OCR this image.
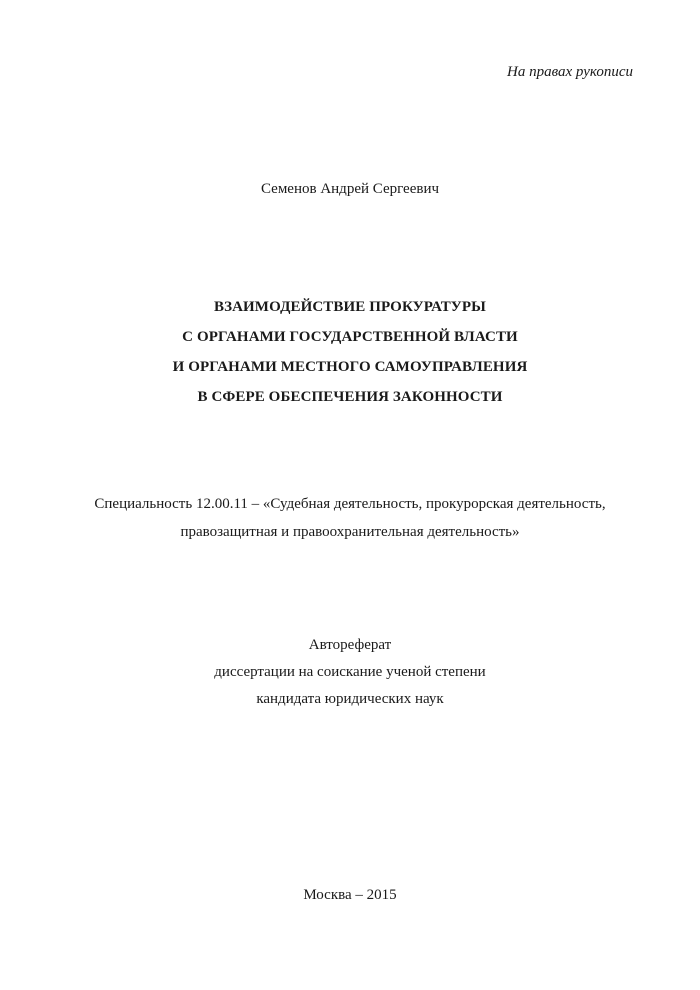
На правах рукописи

Семенов Андрей Сергеевич

ВЗАИМОДЕЙСТВИЕ ПРОКУРАТУРЫ
С ОРГАНАМИ ГОСУДАРСТВЕННОЙ ВЛАСТИ
И ОРГАНАМИ МЕСТНОГО САМОУПРАВЛЕНИЯ
В СФЕРЕ ОБЕСПЕЧЕНИЯ ЗАКОННОСТИ
Специальность 12.00.11 – «Судебная деятельность, прокурорская деятельность,
правозащитная и правоохранительная деятельность»
Автореферат
диссертации на соискание ученой степени
кандидата юридических наук

Москва – 2015
